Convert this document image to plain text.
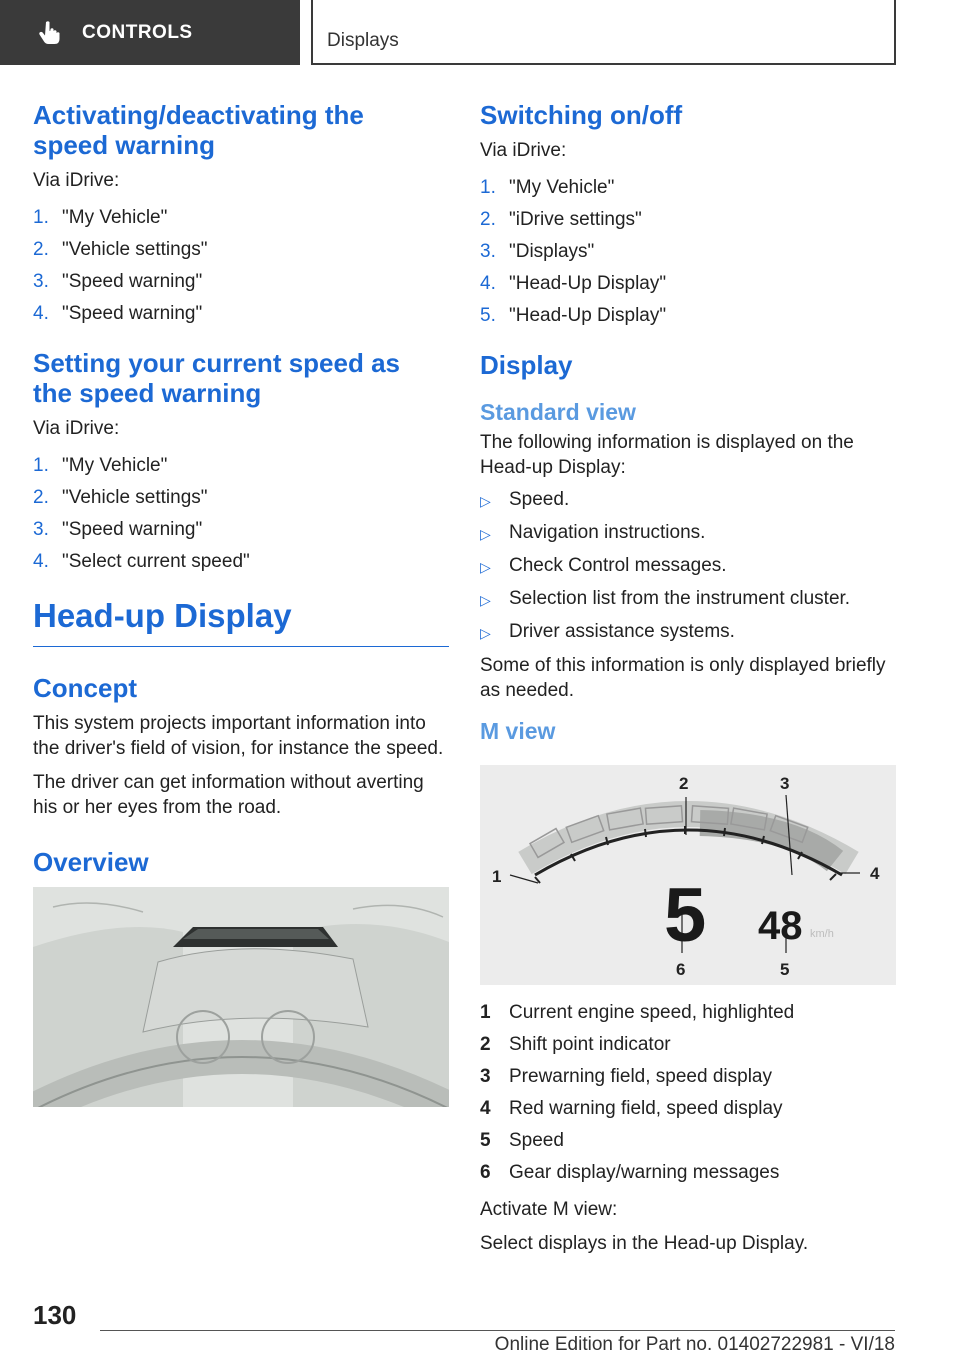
CONTROLS	Displays
Activating/deactivating the
speed warning

Via iDrive:

1. "My Vehicle"
2. "Vehicle settings"
3. "Speed warning"
4. "Speed warning"
Setting your current speed as
the speed warning

Via iDrive:

1. "My Vehicle"
2. "Vehicle settings"
3. "Speed warning"
4. "Select current speed"
Head-up Display
Concept

This system projects important information into the driver's field of vision, for instance the speed.

The driver can get information without averting his or her eyes from the road.

Overview
Switching on/off

Via iDrive:

1. "My Vehicle"
2. "iDrive settings"
3. "Displays"
4. "Head-Up Display"
5. "Head-Up Display"
Display
Standard view

The following information is displayed on the Head-up Display:

▷ Speed.
▷ Navigation instructions.
▷ Check Control messages.
▷ Selection list from the instrument cluster.
▷ Driver assistance systems.

Some of this information is only displayed briefly as needed.

M view
1
2	3
4
5
6
5 48 km/h
1 Current engine speed, highlighted
2 Shift point indicator
3 Prewarning field, speed display
4 Red warning field, speed display
5 Speed
6 Gear display/warning messages

Activate M view:

Select displays in the Head-up Display.

130
Online Edition for Part no. 01402722981 - VI/18
